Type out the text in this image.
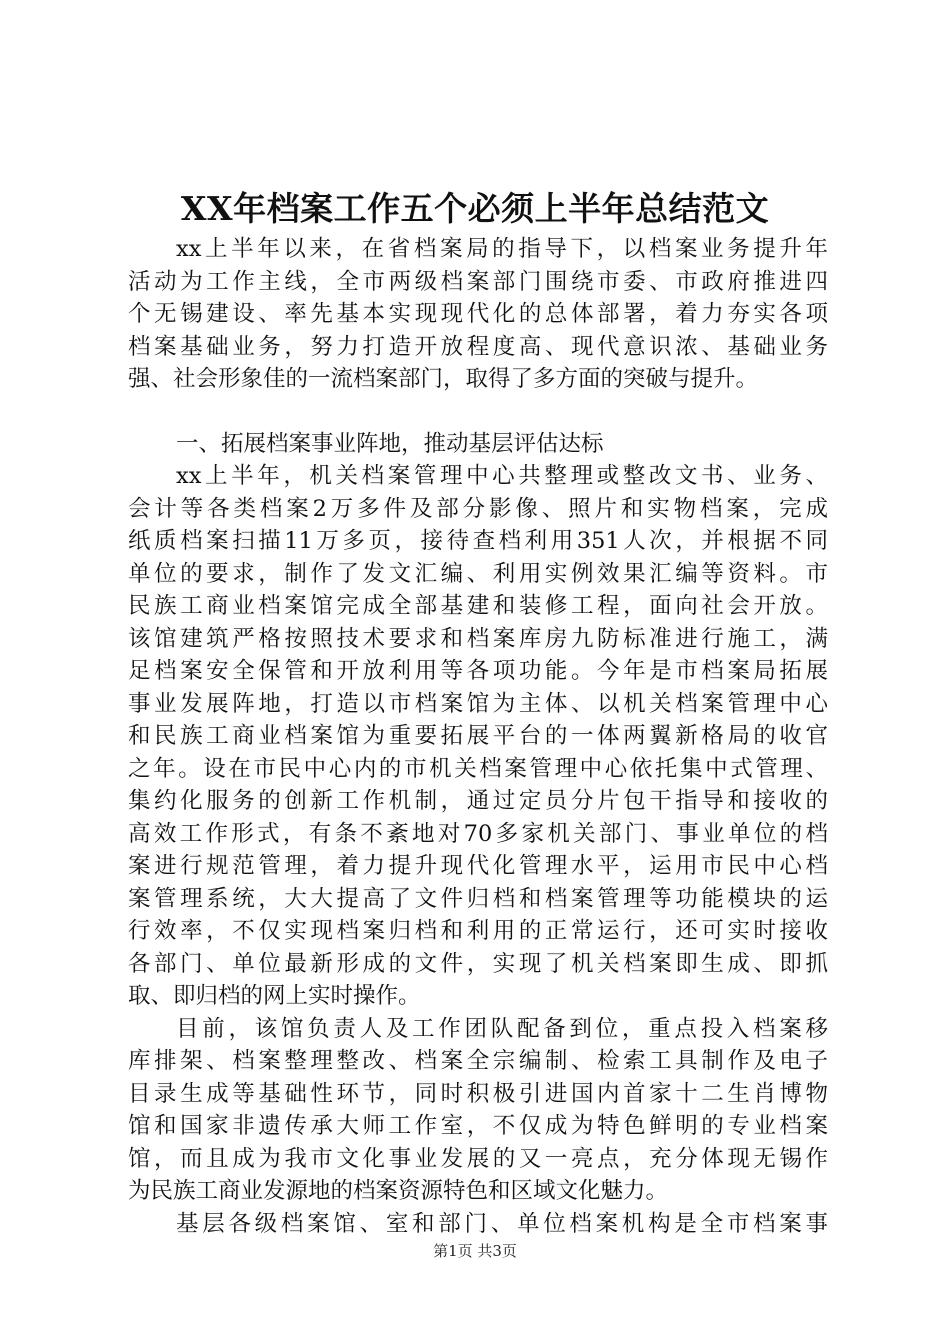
XX年档案工作五个必须上半年总结范文
xx上半年以来，在省档案局的指导下，以档案业务提升年
活动为工作主线，全市两级档案部门围绕市委、市政府推进四
个无锡建设、率先基本实现现代化的总体部署，着力夯实各项
档案基础业务，努力打造开放程度高、现代意识浓、基础业务
强、社会形象佳的一流档案部门，取得了多方面的突破与提升。
一、拓展档案事业阵地，推动基层评估达标
xx上半年，机关档案管理中心共整理或整改文书、业务、
会计等各类档案2万多件及部分影像、照片和实物档案，完成
纸质档案扫描11万多页，接待查档利用351人次，并根据不同
单位的要求，制作了发文汇编、利用实例效果汇编等资料。市
民族工商业档案馆完成全部基建和装修工程，面向社会开放。
该馆建筑严格按照技术要求和档案库房九防标准进行施工，满
足档案安全保管和开放利用等各项功能。今年是市档案局拓展
事业发展阵地，打造以市档案馆为主体、以机关档案管理中心
和民族工商业档案馆为重要拓展平台的一体两翼新格局的收官
之年。设在市民中心内的市机关档案管理中心依托集中式管理、
集约化服务的创新工作机制，通过定员分片包干指导和接收的
高效工作形式，有条不紊地对70多家机关部门、事业单位的档
案进行规范管理，着力提升现代化管理水平，运用市民中心档
案管理系统，大大提高了文件归档和档案管理等功能模块的运
行效率，不仅实现档案归档和利用的正常运行，还可实时接收
各部门、单位最新形成的文件，实现了机关档案即生成、即抓
取、即归档的网上实时操作。
目前，该馆负责人及工作团队配备到位，重点投入档案移
库排架、档案整理整改、档案全宗编制、检索工具制作及电子
目录生成等基础性环节，同时积极引进国内首家十二生肖博物
馆和国家非遗传承大师工作室，不仅成为特色鲜明的专业档案
馆，而且成为我市文化事业发展的又一亮点，充分体现无锡作
为民族工商业发源地的档案资源特色和区域文化魅力。
基层各级档案馆、室和部门、单位档案机构是全市档案事
第1页 共3页
